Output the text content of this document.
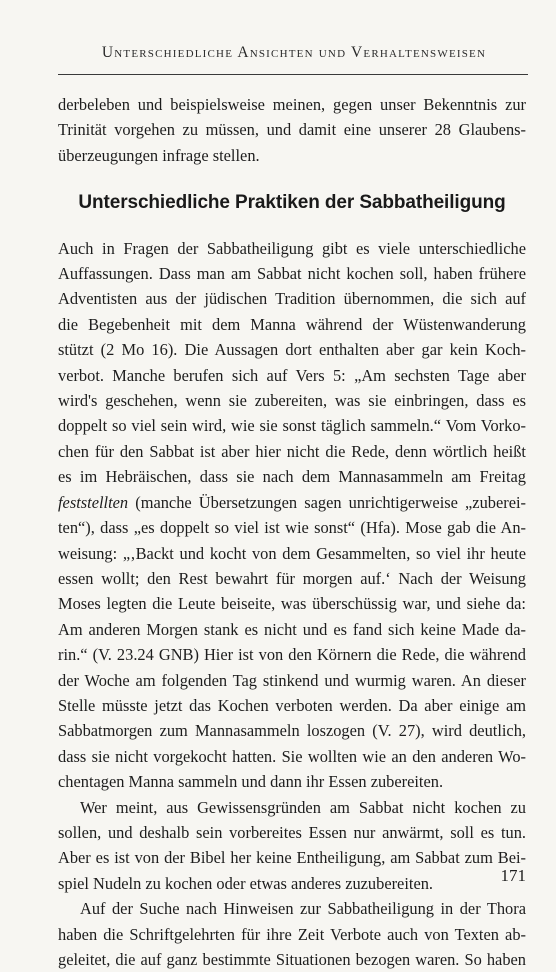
Unterschiedliche Ansichten und Verhaltensweisen

derbeleben und beispielsweise meinen, gegen unser Bekenntnis zur
Trinität vorgehen zu müssen, und damit eine unserer 28 Glaubens-
überzeugungen infrage stellen.

Unterschiedliche Praktiken der Sabbatheiligung

Auch in Fragen der Sabbatheiligung gibt es viele unterschiedliche
Auffassungen. Dass man am Sabbat nicht kochen soll, haben frühere
Adventisten aus der jüdischen Tradition übernommen, die sich auf
die Begebenheit mit dem Manna während der Wüstenwanderung
stützt (2 Mo 16). Die Aussagen dort enthalten aber gar kein Koch-
verbot. Manche berufen sich auf Vers 5: „Am sechsten Tage aber
wird's geschehen, wenn sie zubereiten, was sie einbringen, dass es
doppelt so viel sein wird, wie sie sonst täglich sammeln.“ Vom Vorko-
chen für den Sabbat ist aber hier nicht die Rede, denn wörtlich heißt
es im Hebräischen, dass sie nach dem Mannasammeln am Freitag
feststellten (manche Übersetzungen sagen unrichtigerweise „zuberei-
ten“), dass „es doppelt so viel ist wie sonst“ (Hfa). Mose gab die An-
weisung: „‚Backt und kocht von dem Gesammelten, so viel ihr heute
essen wollt; den Rest bewahrt für morgen auf.‘ Nach der Weisung
Moses legten die Leute beiseite, was überschüssig war, und siehe da:
Am anderen Morgen stank es nicht und es fand sich keine Made da-
rin.“ (V. 23.24 GNB) Hier ist von den Körnern die Rede, die während
der Woche am folgenden Tag stinkend und wurmig waren. An dieser
Stelle müsste jetzt das Kochen verboten werden. Da aber einige am
Sabbatmorgen zum Mannasammeln loszogen (V. 27), wird deutlich,
dass sie nicht vorgekocht hatten. Sie wollten wie an den anderen Wo-
chentagen Manna sammeln und dann ihr Essen zubereiten.

Wer meint, aus Gewissensgründen am Sabbat nicht kochen zu
sollen, und deshalb sein vorbereites Essen nur anwärmt, soll es tun.
Aber es ist von der Bibel her keine Entheiligung, am Sabbat zum Bei-
spiel Nudeln zu kochen oder etwas anderes zuzubereiten.

Auf der Suche nach Hinweisen zur Sabbatheiligung in der Thora
haben die Schriftgelehrten für ihre Zeit Verbote auch von Texten ab-
geleitet, die auf ganz bestimmte Situationen bezogen waren. So haben

171
